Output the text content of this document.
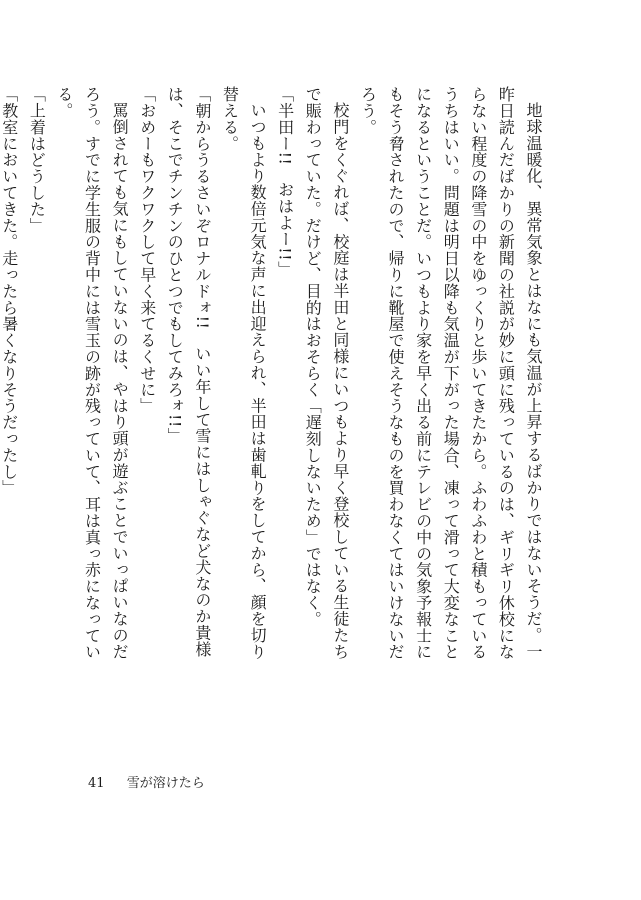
地球温暖化、異常気象とはなにも気温が上昇するばかりではないそうだ。一昨日読んだばかりの新聞の社説が妙に頭に残っているのは、ギリギリ休校にならない程度の降雪の中をゆっくりと歩いてきたから。ふわふわと積もっているうちはいい。問題は明日以降も気温が下がった場合、凍って滑って大変なことになるということだ。いつもより家を早く出る前にテレビの中の気象予報士にもそう脅されたので、帰りに靴屋で使えそうなものを買わなくてはいけないだろう。

校門をくぐれば、校庭は半田と同様にいつもより早く登校している生徒たちで賑わっていた。だけど、目的はおそらく「遅刻しないため」ではなく。

「半田ー!!　おはよー!!」

いつもより数倍元気な声に出迎えられ、半田は歯軋りをしてから、顔を切り替える。

「朝からうるさいぞロナルドォ!!　いい年して雪にはしゃぐなど犬なのか貴様は、そこでチンチンのひとつでもしてみろォ!!」

「おめーもワクワクして早く来てるくせに」

罵倒されても気にもしていないのは、やはり頭が遊ぶことでいっぱいなのだろう。すでに学生服の背中には雪玉の跡が残っていて、耳は真っ赤になっている。

「上着はどうした」

「教室においてきた。走ったら暑くなりそうだったし」

41 雪が溶けたら
